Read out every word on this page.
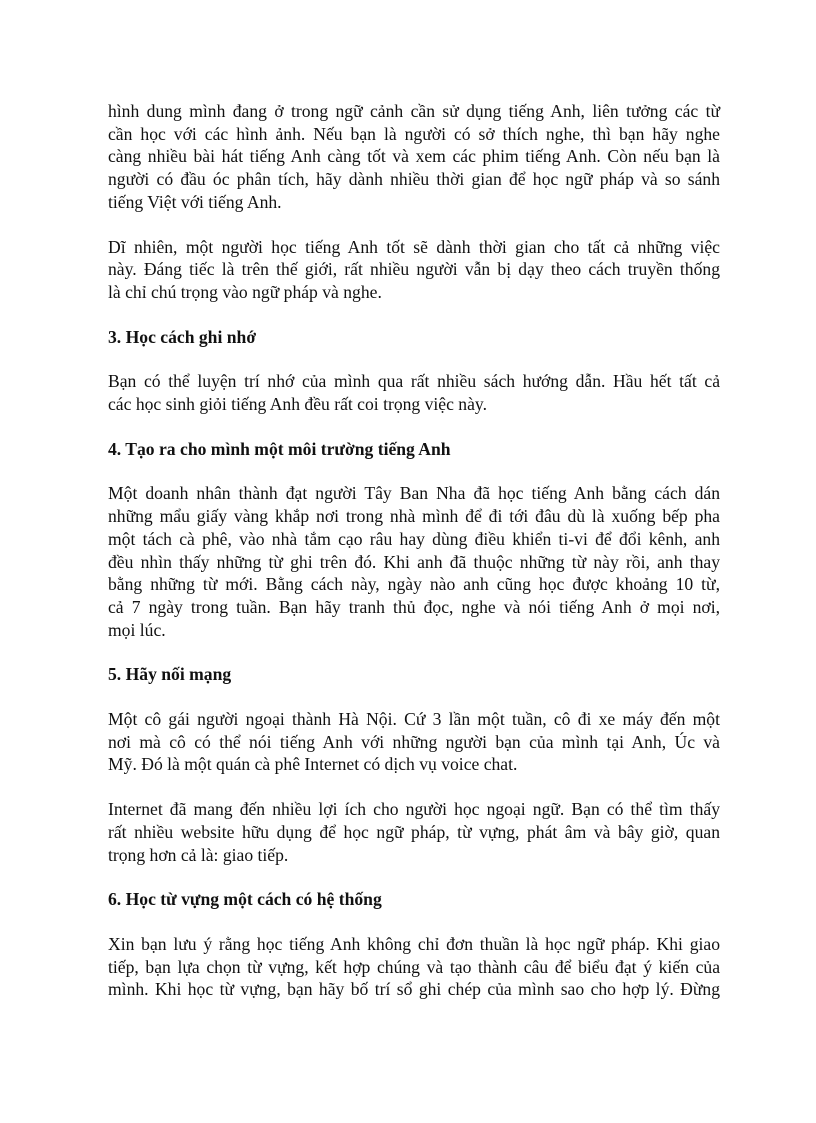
hình dung mình đang ở trong ngữ cảnh cần sử dụng tiếng Anh, liên tưởng các từ
cần học với các hình ảnh. Nếu bạn là người có sở thích nghe, thì bạn hãy nghe
càng nhiều bài hát tiếng Anh càng tốt và xem các phim tiếng Anh. Còn nếu bạn là
người có đầu óc phân tích, hãy dành nhiều thời gian để học ngữ pháp và so sánh
tiếng Việt với tiếng Anh.

Dĩ nhiên, một người học tiếng Anh tốt sẽ dành thời gian cho tất cả những việc
này. Đáng tiếc là trên thế giới, rất nhiều người vẫn bị dạy theo cách truyền thống
là chỉ chú trọng vào ngữ pháp và nghe.

3. Học cách ghi nhớ

Bạn có thể luyện trí nhớ của mình qua rất nhiều sách hướng dẫn. Hầu hết tất cả
các học sinh giỏi tiếng Anh đều rất coi trọng việc này.

4. Tạo ra cho mình một môi trường tiếng Anh

Một doanh nhân thành đạt người Tây Ban Nha đã học tiếng Anh bằng cách dán
những mẩu giấy vàng khắp nơi trong nhà mình để đi tới đâu dù là xuống bếp pha
một tách cà phê, vào nhà tắm cạo râu hay dùng điều khiển ti-vi để đổi kênh, anh
đều nhìn thấy những từ ghi trên đó. Khi anh đã thuộc những từ này rồi, anh thay
bằng những từ mới. Bằng cách này, ngày nào anh cũng học được khoảng 10 từ,
cả 7 ngày trong tuần. Bạn hãy tranh thủ đọc, nghe và nói tiếng Anh ở mọi nơi,
mọi lúc.

5. Hãy nối mạng

Một cô gái người ngoại thành Hà Nội. Cứ 3 lần một tuần, cô đi xe máy đến một
nơi mà cô có thể nói tiếng Anh với những người bạn của mình tại Anh, Úc và
Mỹ. Đó là một quán cà phê Internet có dịch vụ voice chat.

Internet đã mang đến nhiều lợi ích cho người học ngoại ngữ. Bạn có thể tìm thấy
rất nhiều website hữu dụng để học ngữ pháp, từ vựng, phát âm và bây giờ, quan
trọng hơn cả là: giao tiếp.

6. Học từ vựng một cách có hệ thống

Xin bạn lưu ý rằng học tiếng Anh không chỉ đơn thuần là học ngữ pháp. Khi giao
tiếp, bạn lựa chọn từ vựng, kết hợp chúng và tạo thành câu để biểu đạt ý kiến của
mình. Khi học từ vựng, bạn hãy bố trí sổ ghi chép của mình sao cho hợp lý. Đừng
